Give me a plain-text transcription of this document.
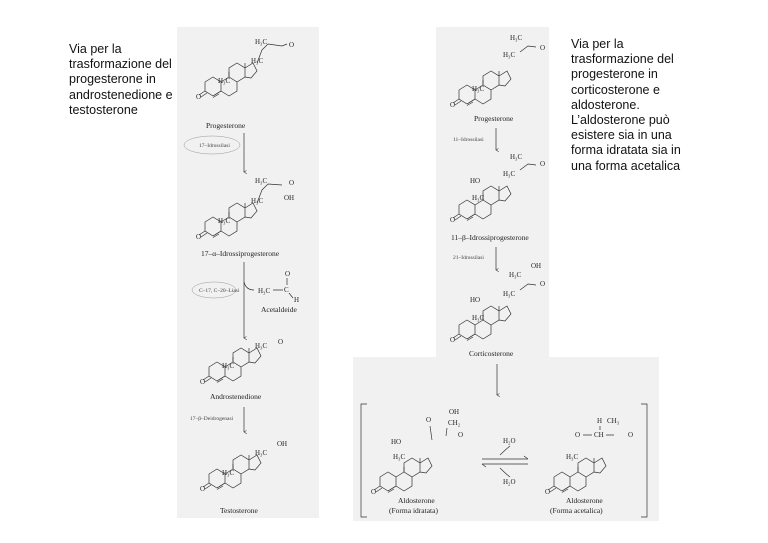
Via per la
trasformazione del
progesterone in
androstenedione e
testosterone
Via per la
trasformazione del
progesterone in
corticosterone e
aldosterone.
L’aldosterone può
esistere sia in una
forma idratata sia in
una forma acetalica
O
H₃C
H₃C
H₃C	O
Progesterone
17–Idrossilasi
O
H₃C
H₃C
H₃C	O
OH
17–α–Idrossiprogesterone
C–17, C–20–Liasi	H₃C C
O
H
Acetaldeide
O
H₃C
H₃C O
Androstenedione
17–β–Deidrogenasi
O
H₃C
H₃C
OH
Testosterone
O
H₃C
H₃C
H₃C
O
Progesterone
11–Idrossilasi
O
H₃C
HO
H₃C
H₃C
O
11–β–Idrossiprogesterone
21–Idrossilasi
O
H₃C
HO
H₃C
H₃C
OH
O
Corticosterone
O
H₃C
HO
O
OH
CH₂
O
Aldosterone
(Forma idratata)
H₂O
H₂O
O
H₃C
H CH₃
O CH	O
Aldosterone
(Forma acetalica)
